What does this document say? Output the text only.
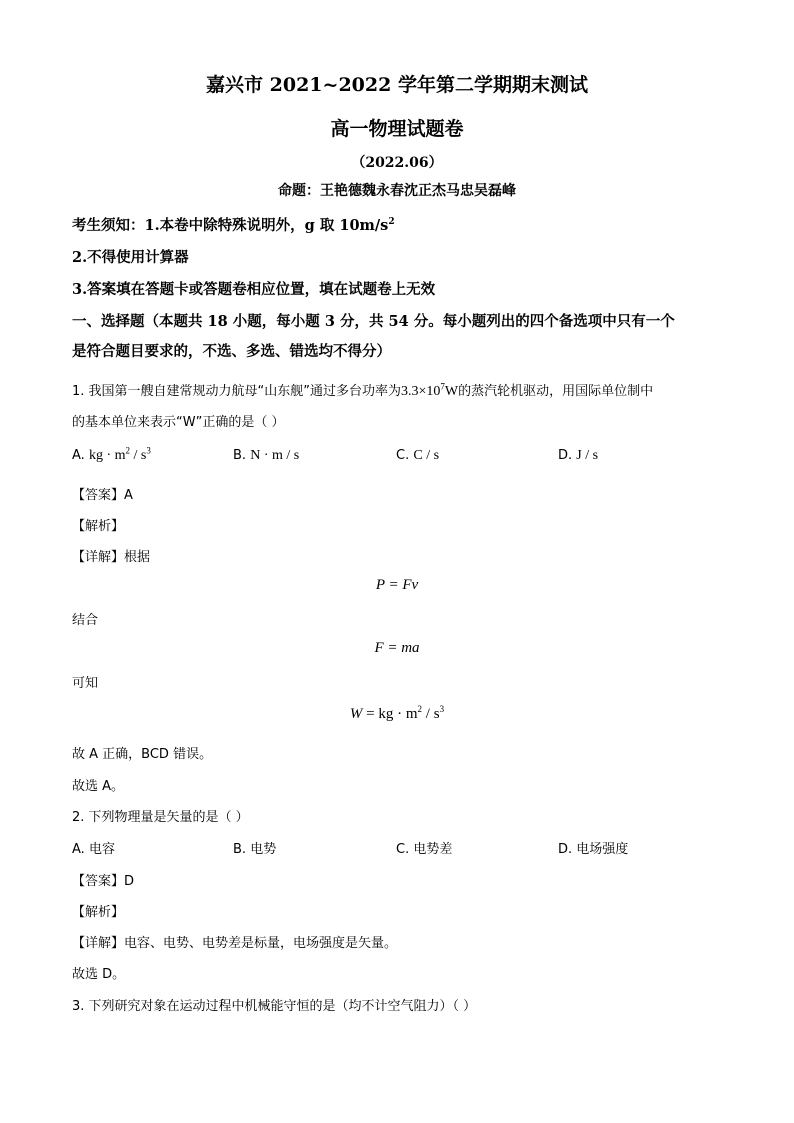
嘉兴市 2021~2022 学年第二学期期末测试
高一物理试题卷
（2022.06）
命题：王艳德魏永春沈正杰马忠吴磊峰
考生须知：1.本卷中除特殊说明外，g 取 $10m/s^2$
2.不得使用计算器
3.答案填在答题卡或答题卷相应位置，填在试题卷上无效
一、选择题（本题共 18 小题，每小题 3 分，共 54 分。每小题列出的四个备选项中只有一个
是符合题目要求的，不选、多选、错选均不得分）
1. 我国第一艘自建常规动力航母“山东舰”通过多台功率为$3.3\times 10^7W$的蒸汽轮机驱动，用国际单位制中
的基本单位来表示“W”正确的是（ ）
A. kg · $m^2 / s^3$	B. N · m / s	C. C / s	D. J / s
【答案】A
【解析】
【详解】根据
P = Fv
结合
F = ma
可知
W = kg · $m^2 / s^3$
故 A 正确，BCD 错误。
故选 A。
2. 下列物理量是矢量的是（ ）
A. 电容	B. 电势	C. 电势差	D. 电场强度
【答案】D
【解析】
【详解】电容、电势、电势差是标量，电场强度是矢量。
故选 D。
3. 下列研究对象在运动过程中机械能守恒的是（均不计空气阻力）（ ）
